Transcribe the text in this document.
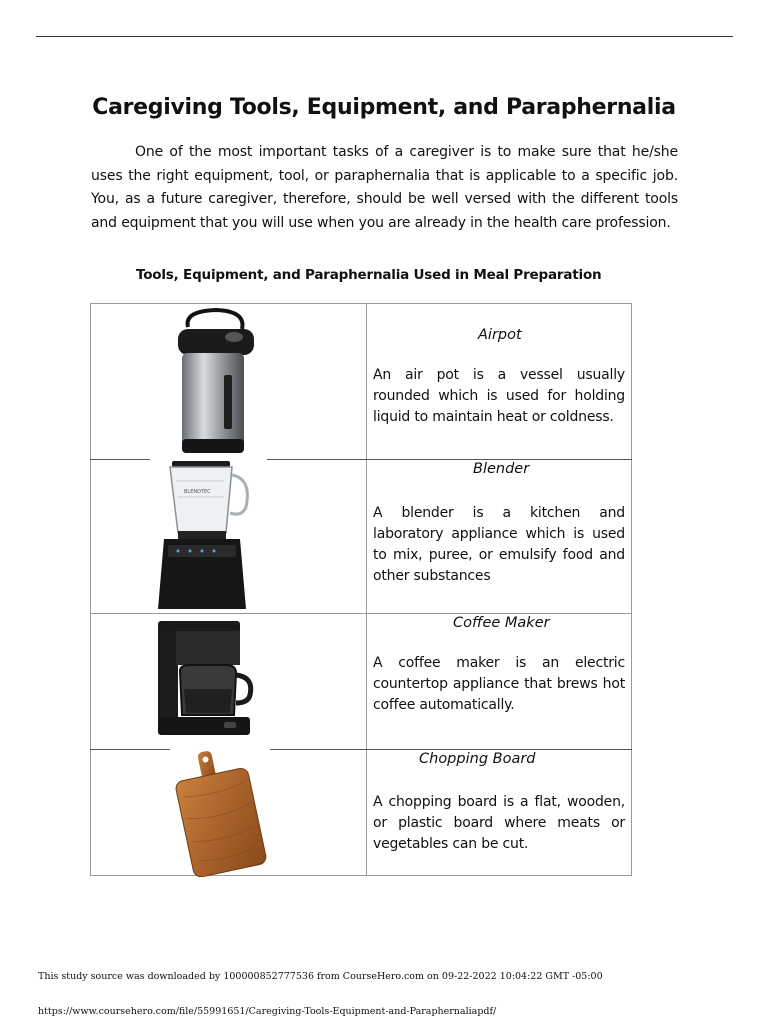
Caregiving Tools, Equipment, and Paraphernalia

One of the most important tasks of a caregiver is to make sure that he/she uses the right equipment, tool, or paraphernalia that is applicable to a specific job. You, as a future caregiver, therefore, should be well versed with the different tools and equipment that you will use when you are already in the health care profession.

Tools, Equipment, and Paraphernalia Used in Meal Preparation
Airpot
An air pot is a vessel usually rounded which is used for holding liquid to maintain heat or coldness.
BLENDTEC
Blender
A blender is a kitchen and laboratory appliance which is used to mix, puree, or emulsify food and other substances
Coffee Maker
A coffee maker is an electric countertop appliance that brews hot coffee automatically.
Chopping Board
A chopping board is a flat, wooden, or plastic board where meats or vegetables can be cut.
This study source was downloaded by 100000852777536 from CourseHero.com on 09-22-2022 10:04:22 GMT -05:00
https://www.coursehero.com/file/55991651/Caregiving-Tools-Equipment-and-Paraphernaliapdf/
